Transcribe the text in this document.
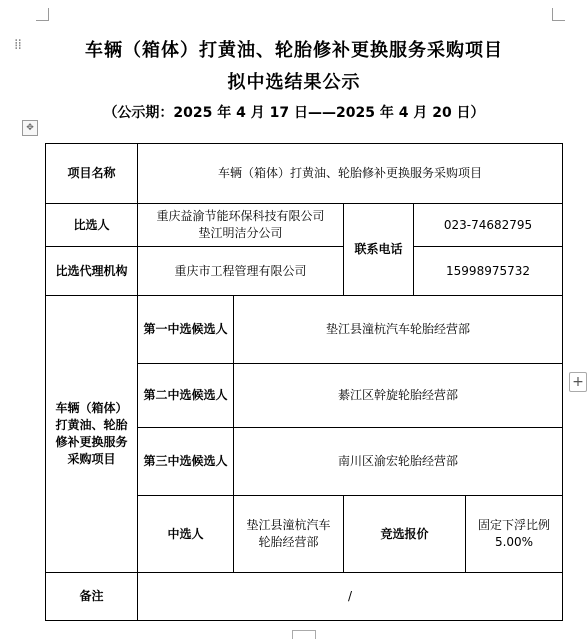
⁞⁞	车辆（箱体）打黄油、轮胎修补更换服务采购项目
拟中选结果公示
（公示期：2025 年 4 月 17 日——2025 年 4 月 20 日）
✥
项目名称	车辆（箱体）打黄油、轮胎修补更换服务采购项目				
比选人	重庆益渝节能环保科技有限公司垫江明洁分公司		联系电话	023-74682795	
比选代理机构	重庆市工程管理有限公司			15998975732	
车辆（箱体）打黄油、轮胎修补更换服务采购项目	第一中选候选人	垫江县潼杭汽车轮胎经营部			
	第二中选候选人	綦江区幹旋轮胎经营部			
	第三中选候选人	南川区渝宏轮胎经营部			
	中选人	垫江县潼杭汽车轮胎经营部	竞选报价		固定下浮比例 5.00%
备注	/				
+
